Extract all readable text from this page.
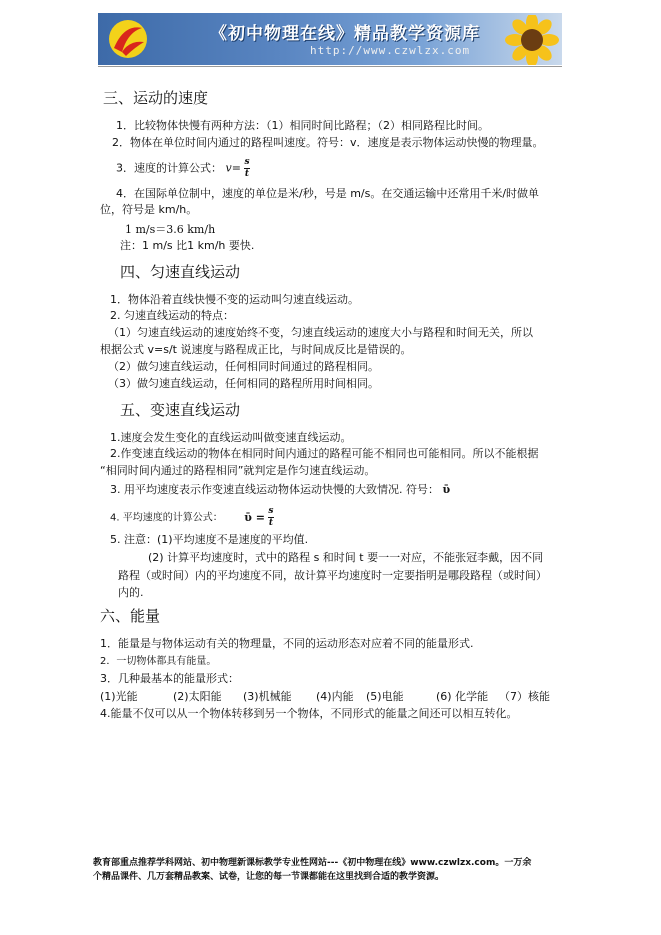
《初中物理在线》精品教学资源库
http://www.czwlzx.com
三、运动的速度
1．比较物体快慢有两种方法：（1）相同时间比路程；（2）相同路程比时间。
2．物体在单位时间内通过的路程叫速度。符号：v．速度是表示物体运动快慢的物理量。
3．速度的计算公式： $v= \frac{s}{t}$
4．在国际单位制中，速度的单位是米/秒，号是 m/s。在交通运输中还常用千米/时做单
位，符号是 km/h。
1 m/s＝3.6 km/h
注：1 m/s 比1 km/h 要快.
四、匀速直线运动
1．物体沿着直线快慢不变的运动叫匀速直线运动。
2. 匀速直线运动的特点：
（1）匀速直线运动的速度始终不变，匀速直线运动的速度大小与路程和时间无关，所以
根据公式 v=s/t 说速度与路程成正比，与时间成反比是错误的。
（2）做匀速直线运动，任何相同时间通过的路程相同。
（3）做匀速直线运动，任何相同的路程所用时间相同。
五、变速直线运动
1.速度会发生变化的直线运动叫做变速直线运动。
2.作变速直线运动的物体在相同时间内通过的路程可能不相同也可能相同。所以不能根据
“相同时间内通过的路程相同”就判定是作匀速直线运动。
3. 用平均速度表示作变速直线运动物体运动快慢的大致情况. 符号： ῡ
4. 平均速度的计算公式： ῡ = $\frac{s}{t}$
5. 注意：(1)平均速度不是速度的平均值.
(2) 计算平均速度时，式中的路程 s 和时间 t 要一一对应，不能张冠李戴，因不同
路程（或时间）内的平均速度不同，故计算平均速度时一定要指明是哪段路程（或时间）
内的.
六、能量
1．能量是与物体运动有关的物理量，不同的运动形态对应着不同的能量形式.
2．一切物体都具有能量。
3．几种最基本的能量形式：
(1)光能	(2)太阳能 (3)机械能 (4)内能 (5)电能	(6) 化学能 （7）核能
4.能量不仅可以从一个物体转移到另一个物体，不同形式的能量之间还可以相互转化。
教育部重点推荐学科网站、初中物理新课标教学专业性网站---《初中物理在线》www.czwlzx.com。一万余
个精品课件、几万套精品教案、试卷，让您的每一节课都能在这里找到合适的教学资源。
